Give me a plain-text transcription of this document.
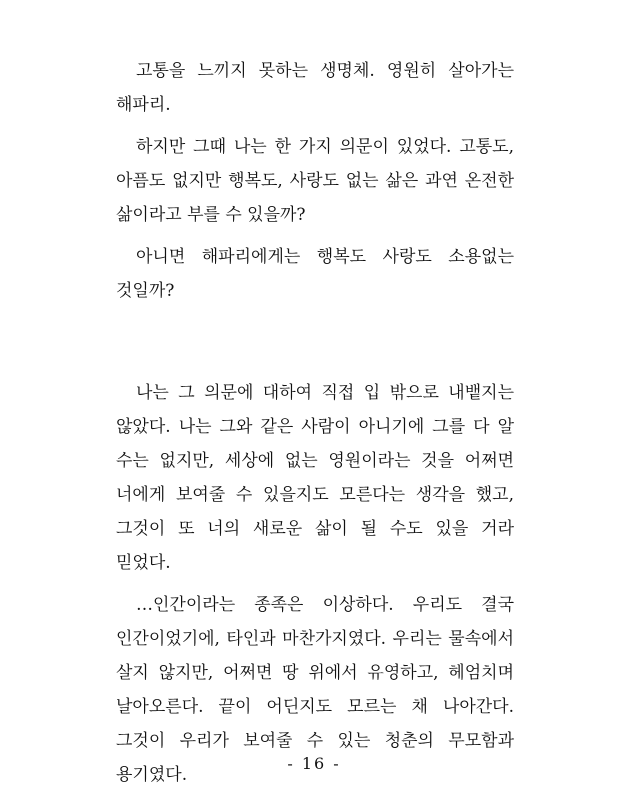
고통을 느끼지 못하는 생명체. 영원히 살아가는 해파리.

하지만 그때 나는 한 가지 의문이 있었다. 고통도, 아픔도 없지만 행복도, 사랑도 없는 삶은 과연 온전한 삶이라고 부를 수 있을까?

아니면 해파리에게는 행복도 사랑도 소용없는 것일까?

나는 그 의문에 대하여 직접 입 밖으로 내뱉지는 않았다. 나는 그와 같은 사람이 아니기에 그를 다 알 수는 없지만, 세상에 없는 영원이라는 것을 어쩌면 너에게 보여줄 수 있을지도 모른다는 생각을 했고, 그것이 또 너의 새로운 삶이 될 수도 있을 거라 믿었다.

…인간이라는 종족은 이상하다. 우리도 결국 인간이었기에, 타인과 마찬가지였다. 우리는 물속에서 살지 않지만, 어쩌면 땅 위에서 유영하고, 헤엄치며 날아오른다. 끝이 어딘지도 모르는 채 나아간다. 그것이 우리가 보여줄 수 있는 청춘의 무모함과 용기였다.

- 16 -
